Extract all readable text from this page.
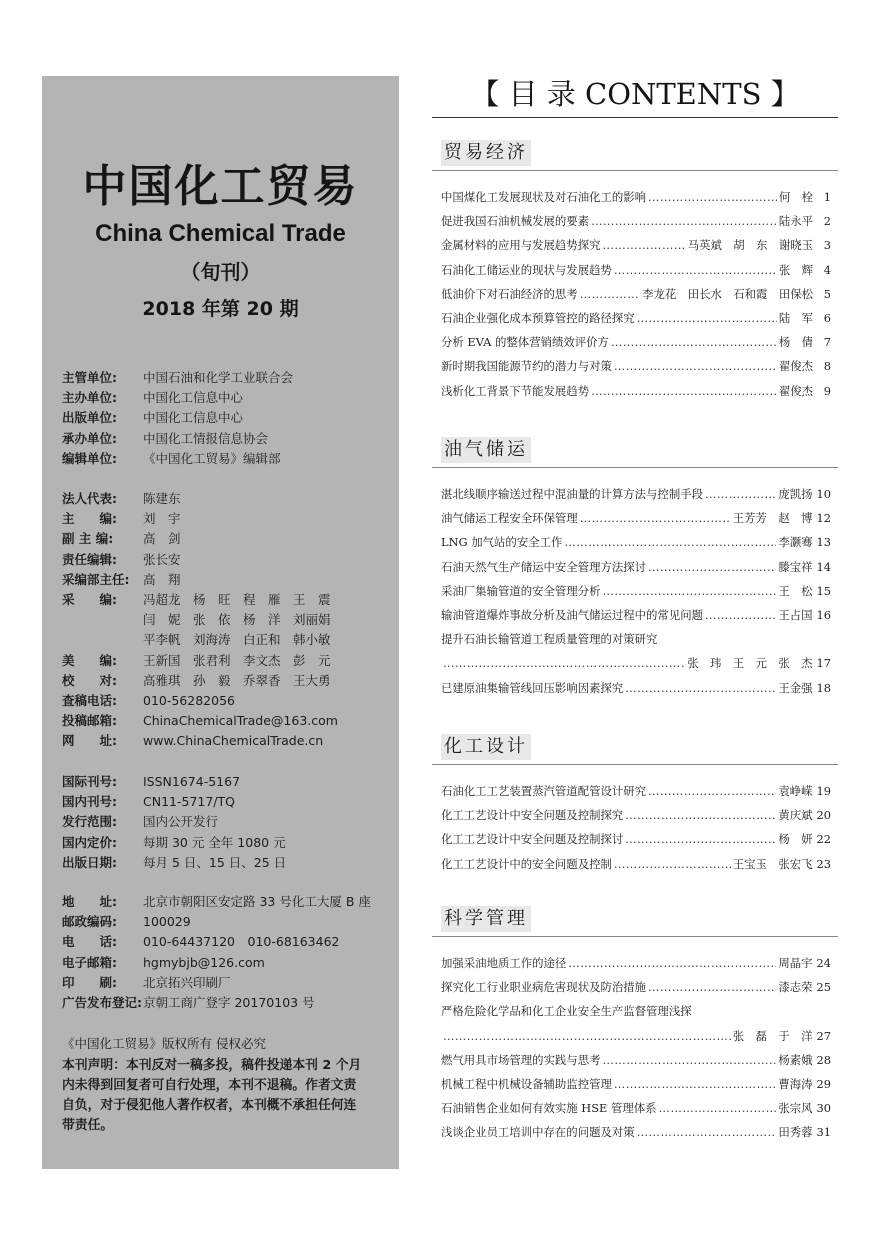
中国化工贸易
China Chemical Trade
（旬刊）
2018 年第 20 期
主管单位:	中国石油和化学工业联合会
主办单位:	中国化工信息中心
出版单位:	中国化工信息中心
承办单位:	中国化工情报信息协会
编辑单位:	《中国化工贸易》编辑部
法人代表:	陈建东
主　　编:	刘　宇
副 主 编:	高　剑
责任编辑:	张长安
采编部主任:	高　翔
采　　编:	冯超龙　杨　旺　程　雁　王　震
闫　妮　张　依　杨　洋　刘丽娟
平李帆　刘海涛　白正和　韩小敏
美　　编:	王新国　张君利　李文杰　彭　元
校　　对:	高雅琪　孙　毅　乔翠香　王大勇
查稿电话:	010-56282056
投稿邮箱:	ChinaChemicalTrade@163.com
网　　址:	www.ChinaChemicalTrade.cn
国际刊号:	ISSN1674-5167
国内刊号:	CN11-5717/TQ
发行范围:	国内公开发行
国内定价:	每期 30 元 全年 1080 元
出版日期:	每月 5 日、15 日、25 日
地　　址:	北京市朝阳区安定路 33 号化工大厦 B 座
邮政编码:	100029
电　　话:	010-64437120　010-68163462
电子邮箱:	hgmybjb@126.com
印　　刷:	北京拓兴印刷厂
广告发布登记: 京朝工商广登字 20170103 号
《中国化工贸易》版权所有 侵权必究
本刊声明：本刊反对一稿多投，稿件投递本刊 2 个月内未得到回复者可自行处理，本刊不退稿。作者文责自负，对于侵犯他人著作权者，本刊概不承担任何连带责任。
【 目 录 CONTENTS 】
贸易经济
中国煤化工发展现状及对石油化工的影响 ……………………………………………………………………………………………………	何　栓 1
促进我国石油机械发展的要素 ……………………………………………………………………………………………………	陆永平 2
金属材料的应用与发展趋势探究 ……………………………………………………………………………………………………	马英斌　胡　东　谢晓玉 3
石油化工储运业的现状与发展趋势 ……………………………………………………………………………………………………	张　辉 4
低油价下对石油经济的思考 ……………………………………………………………………………………………………	李龙花　田长水　石和霞　田保松 5
石油企业强化成本预算管控的路径探究 ……………………………………………………………………………………………………	陆　军 6
分析 EVA 的整体营销绩效评价方 ……………………………………………………………………………………………………	杨　倩 7
新时期我国能源节约的潜力与对策 ……………………………………………………………………………………………………	翟俊杰 8
浅析化工背景下节能发展趋势 ……………………………………………………………………………………………………	翟俊杰 9
油气储运
湛北线顺序输送过程中混油量的计算方法与控制手段 ……………………………………………………………………………………………………	庞凯扬 10
油气储运工程安全环保管理 ……………………………………………………………………………………………………	王芳芳　赵　博 12
LNG 加气站的安全工作 ……………………………………………………………………………………………………	李灏骞 13
石油天然气生产储运中安全管理方法探讨 ……………………………………………………………………………………………………	滕宝祥 14
采油厂集输管道的安全管理分析 ……………………………………………………………………………………………………	王　松 15
输油管道爆炸事故分析及油气储运过程中的常见问题 ……………………………………………………………………………………………………	王占国 16
提升石油长输管道工程质量管理的对策研究
……………………………………………………………………………………………………
张　玮　王　元　张　杰 17
已建原油集输管线回压影响因素探究 ……………………………………………………………………………………………………	王金强 18
化工设计
石油化工工艺装置蒸汽管道配管设计研究 ……………………………………………………………………………………………………	袁峥嵘 19
化工工艺设计中安全问题及控制探究 ……………………………………………………………………………………………………	黄庆斌 20
化工工艺设计中安全问题及控制探讨 ……………………………………………………………………………………………………	杨　妍 22
化工工艺设计中的安全问题及控制 ……………………………………………………………………………………………………	王宝玉　张宏飞 23
科学管理
加强采油地质工作的途径 ……………………………………………………………………………………………………	周晶宇 24
探究化工行业职业病危害现状及防治措施 ……………………………………………………………………………………………………	漆志荣 25
严格危险化学品和化工企业安全生产监督管理浅探
……………………………………………………………………………………………………
张　磊　于　洋 27
燃气用具市场管理的实践与思考 ……………………………………………………………………………………………………	杨素娥 28
机械工程中机械设备辅助监控管理 ……………………………………………………………………………………………………	曹海涛 29
石油销售企业如何有效实施 HSE 管理体系 ……………………………………………………………………………………………………	张宗风 30
浅谈企业员工培训中存在的问题及对策 ……………………………………………………………………………………………………	田秀蓉 31
